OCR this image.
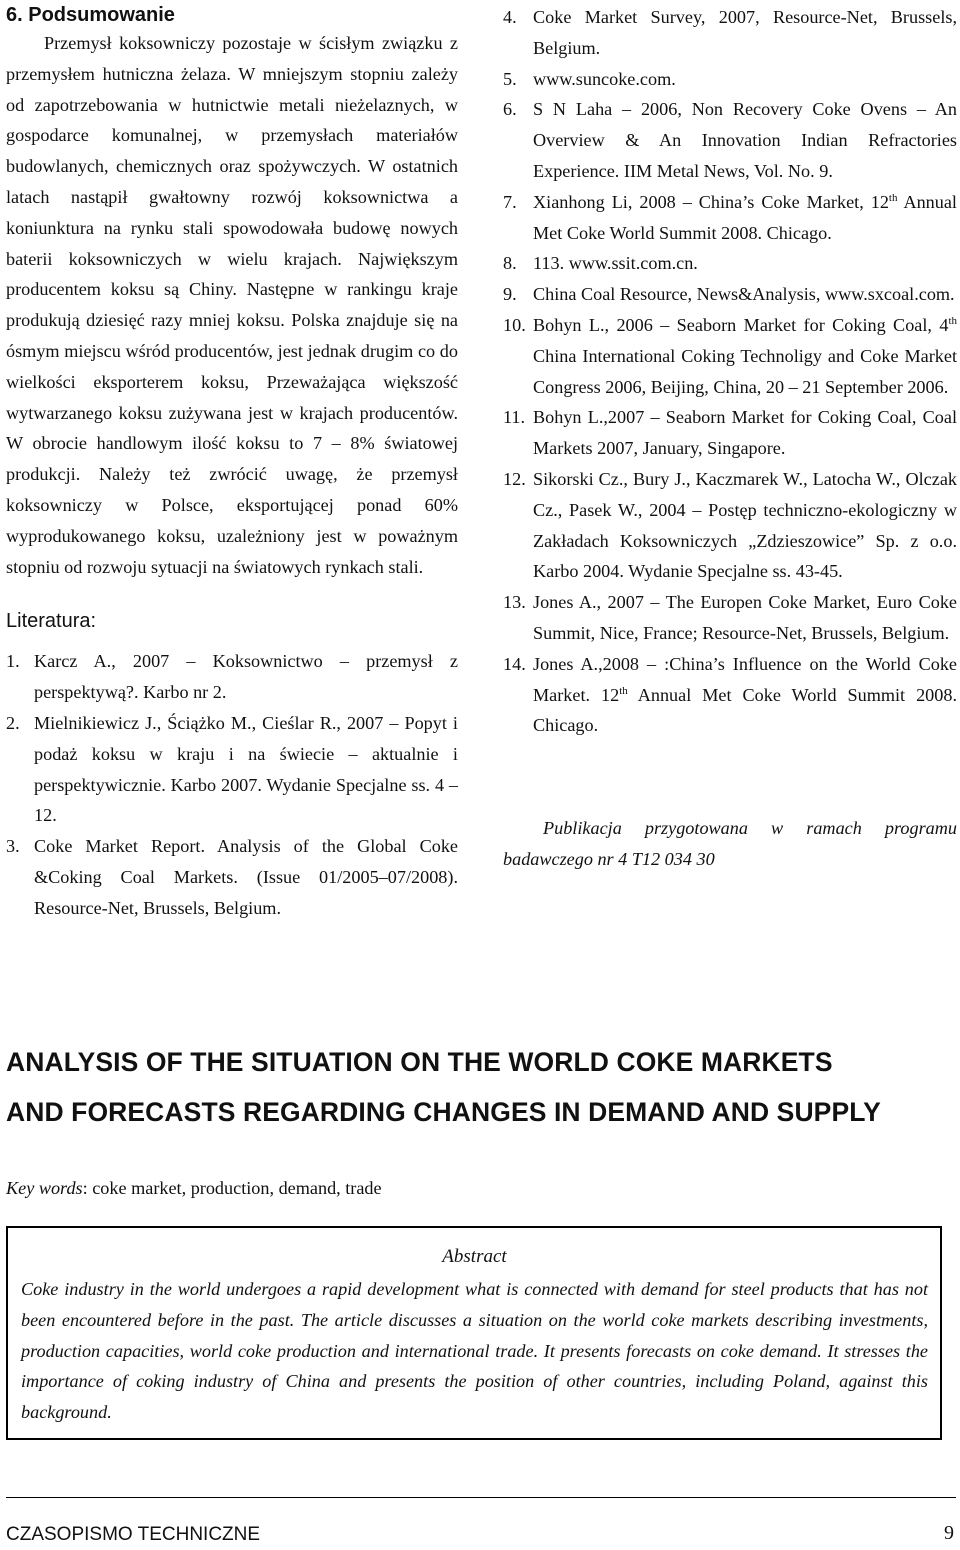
6. Podsumowanie

Przemysł koksowniczy pozostaje w ścisłym związku z przemysłem hutniczna żelaza. W mniejszym stopniu zależy od zapotrzebowania w hutnictwie metali nieżelaznych, w gospodarce komunalnej, w przemysłach materiałów budowlanych, chemicznych oraz spożywczych. W ostatnich latach nastąpił gwałtowny rozwój koksownictwa a koniunktura na rynku stali spowodowała budowę nowych baterii koksowniczych w wielu krajach. Największym producentem koksu są Chiny. Następne w rankingu kraje produkują dziesięć razy mniej koksu. Polska znajduje się na ósmym miejscu wśród producentów, jest jednak drugim co do wielkości eksporterem koksu, Przeważająca większość wytwarzanego koksu zużywana jest w krajach producentów. W obrocie handlowym ilość koksu to 7 – 8% światowej produkcji. Należy też zwrócić uwagę, że przemysł koksowniczy w Polsce, eksportującej ponad 60% wyprodukowanego koksu, uzależniony jest w poważnym stopniu od rozwoju sytuacji na światowych rynkach stali.

Literatura:
1. Karcz A., 2007 – Koksownictwo – przemysł z perspektywą?. Karbo nr 2.
2. Mielnikiewicz J., Ściążko M., Cieślar R., 2007 – Popyt i podaż koksu w kraju i na świecie – aktualnie i perspektywicznie. Karbo 2007. Wydanie Specjalne ss. 4 – 12.
3. Coke Market Report. Analysis of the Global Coke &Coking Coal Markets. (Issue 01/2005–07/2008). Resource-Net, Brussels, Belgium.
4. Coke Market Survey, 2007, Resource-Net, Brussels, Belgium.
5. www.suncoke.com.
6. S N Laha – 2006, Non Recovery Coke Ovens – An Overview & An Innovation Indian Refractories Experience. IIM Metal News, Vol. No. 9.
7. Xianhong Li, 2008 – China’s Coke Market, 12th Annual Met Coke World Summit 2008. Chicago.
8. 113. www.ssit.com.cn.
9. China Coal Resource, News&Analysis, www.sxcoal.com.
10. Bohyn L., 2006 – Seaborn Market for Coking Coal, 4th China International Coking Technoligy and Coke Market Congress 2006, Beijing, China, 20 – 21 September 2006.
11. Bohyn L.,2007 – Seaborn Market for Coking Coal, Coal Markets 2007, January, Singapore.
12. Sikorski Cz., Bury J., Kaczmarek W., Latocha W., Olczak Cz., Pasek W., 2004 – Postęp techniczno-ekologiczny w Zakładach Koksowniczych „Zdzieszowice” Sp. z o.o. Karbo 2004. Wydanie Specjalne ss. 43-45.
13. Jones A., 2007 – The Europen Coke Market, Euro Coke Summit, Nice, France; Resource-Net, Brussels, Belgium.
14. Jones A.,2008 – :China’s Influence on the World Coke Market. 12th Annual Met Coke World Summit 2008. Chicago.

Publikacja przygotowana w ramach programu badawczego nr 4 T12 034 30

ANALYSIS OF THE SITUATION ON THE WORLD COKE MARKETS
AND FORECASTS REGARDING CHANGES IN DEMAND AND SUPPLY

Key words: coke market, production, demand, trade

Abstract

Coke industry in the world undergoes a rapid development what is connected with demand for steel products that has not been encountered before in the past. The article discusses a situation on the world coke markets describing investments, production capacities, world coke production and international trade. It presents forecasts on coke demand. It stresses the importance of coking industry of China and presents the position of other countries, including Poland, against this background.

CZASOPISMO TECHNICZNE	9
